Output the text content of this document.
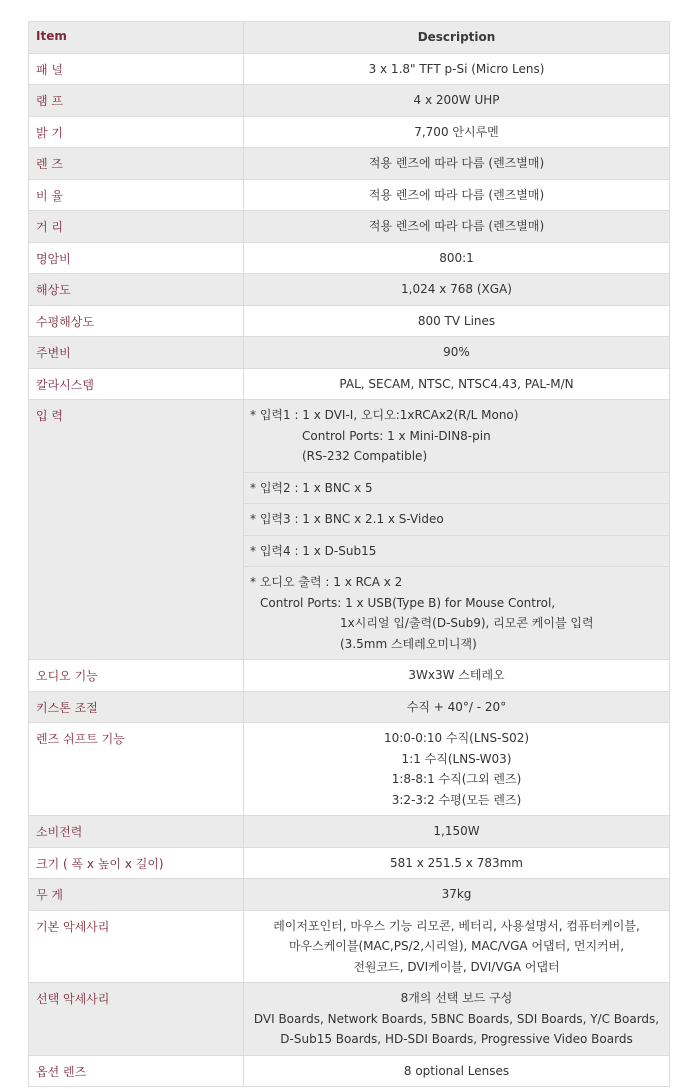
Item	Description
패 널	3 x 1.8" TFT p-Si (Micro Lens)
램 프	4 x 200W UHP
밝 기	7,700 안시루멘
렌 즈	적용 렌즈에 따라 다름 (렌즈별매)
비 율	적용 렌즈에 따라 다름 (렌즈별매)
거 리	적용 렌즈에 따라 다름 (렌즈별매)
명암비	800:1
해상도	1,024 x 768 (XGA)
수평해상도	800 TV Lines
주변비	90%
칼라시스템	PAL, SECAM, NTSC, NTSC4.43, PAL-M/N
입 력	* 입력1 : 1 x DVI-I, 오디오:1xRCAx2(R/L Mono)
Control Ports: 1 x Mini-DIN8-pin
(RS-232 Compatible)

	* 입력2 : 1 x BNC x 5

	* 입력3 : 1 x BNC x 2.1 x S-Video

	* 입력4 : 1 x D-Sub15

	* 오디오 출력 : 1 x RCA x 2
Control Ports: 1 x USB(Type B) for Mouse Control,
1x시리얼 입/출력(D-Sub9), 리모콘 케이블 입력
(3.5mm 스테레오미니잭)

오디오 기능	3Wx3W 스테레오

키스톤 조절	수직 + 40°/ - 20°

렌즈 쉬프트 기능	10:0-0:10 수직(LNS-S02)
1:1 수직(LNS-W03)
1:8-8:1 수직(그외 렌즈)
3:2-3:2 수평(모든 렌즈)

소비전력	1,150W

크기 ( 폭 x 높이 x 길이)	581 x 251.5 x 783mm

무 게	37kg

기본 악세사리	레이저포인터, 마우스 기능 리모콘, 베터리, 사용설명서, 컴퓨터케이블,
마우스케이블(MAC,PS/2,시리얼), MAC/VGA 어댑터, 먼지커버,
전원코드, DVI케이블, DVI/VGA 어댑터

선택 악세사리	8개의 선택 보드 구성
DVI Boards, Network Boards, 5BNC Boards, SDI Boards, Y/C Boards,
D-Sub15 Boards, HD-SDI Boards, Progressive Video Boards

옵션 렌즈	8 optional Lenses
